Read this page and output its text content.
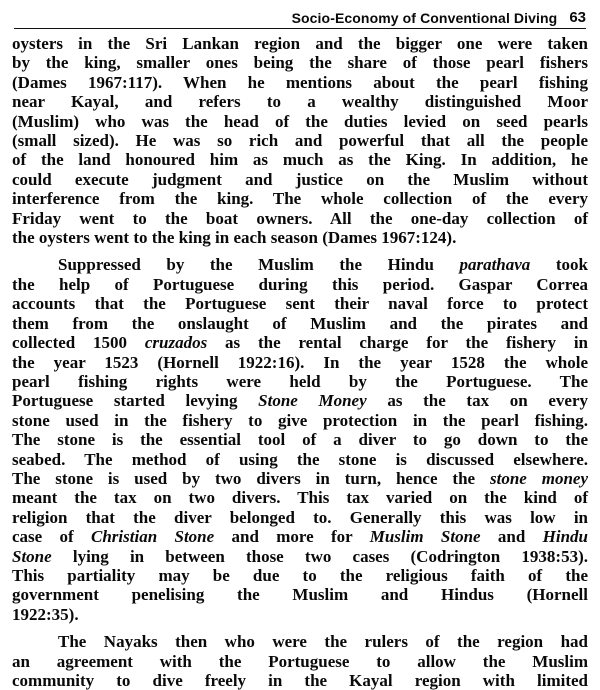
Socio-Economy of Conventional Diving 63

oysters in the Sri Lankan region and the bigger one were taken
by the king, smaller ones being the share of those pearl fishers
(Dames 1967:117). When he mentions about the pearl fishing
near Kayal, and refers to a wealthy distinguished Moor
(Muslim) who was the head of the duties levied on seed pearls
(small sized). He was so rich and powerful that all the people
of the land honoured him as much as the King. In addition, he
could execute judgment and justice on the Muslim without
interference from the king. The whole collection of the every
Friday went to the boat owners. All the one-day collection of
the oysters went to the king in each season (Dames 1967:124).

Suppressed by the Muslim the Hindu parathava took
the help of Portuguese during this period. Gaspar Correa
accounts that the Portuguese sent their naval force to protect
them from the onslaught of Muslim and the pirates and
collected 1500 cruzados as the rental charge for the fishery in
the year 1523 (Hornell 1922:16). In the year 1528 the whole
pearl fishing rights were held by the Portuguese. The
Portuguese started levying Stone Money as the tax on every
stone used in the fishery to give protection in the pearl fishing.
The stone is the essential tool of a diver to go down to the
seabed. The method of using the stone is discussed elsewhere.
The stone is used by two divers in turn, hence the stone money
meant the tax on two divers. This tax varied on the kind of
religion that the diver belonged to. Generally this was low in
case of Christian Stone and more for Muslim Stone and Hindu
Stone lying in between those two cases (Codrington 1938:53).
This partiality may be due to the religious faith of the
government penelising the Muslim and Hindus (Hornell
1922:35).

The Nayaks then who were the rulers of the region had
an agreement with the Portuguese to allow the Muslim
community to dive freely in the Kayal region with limited
